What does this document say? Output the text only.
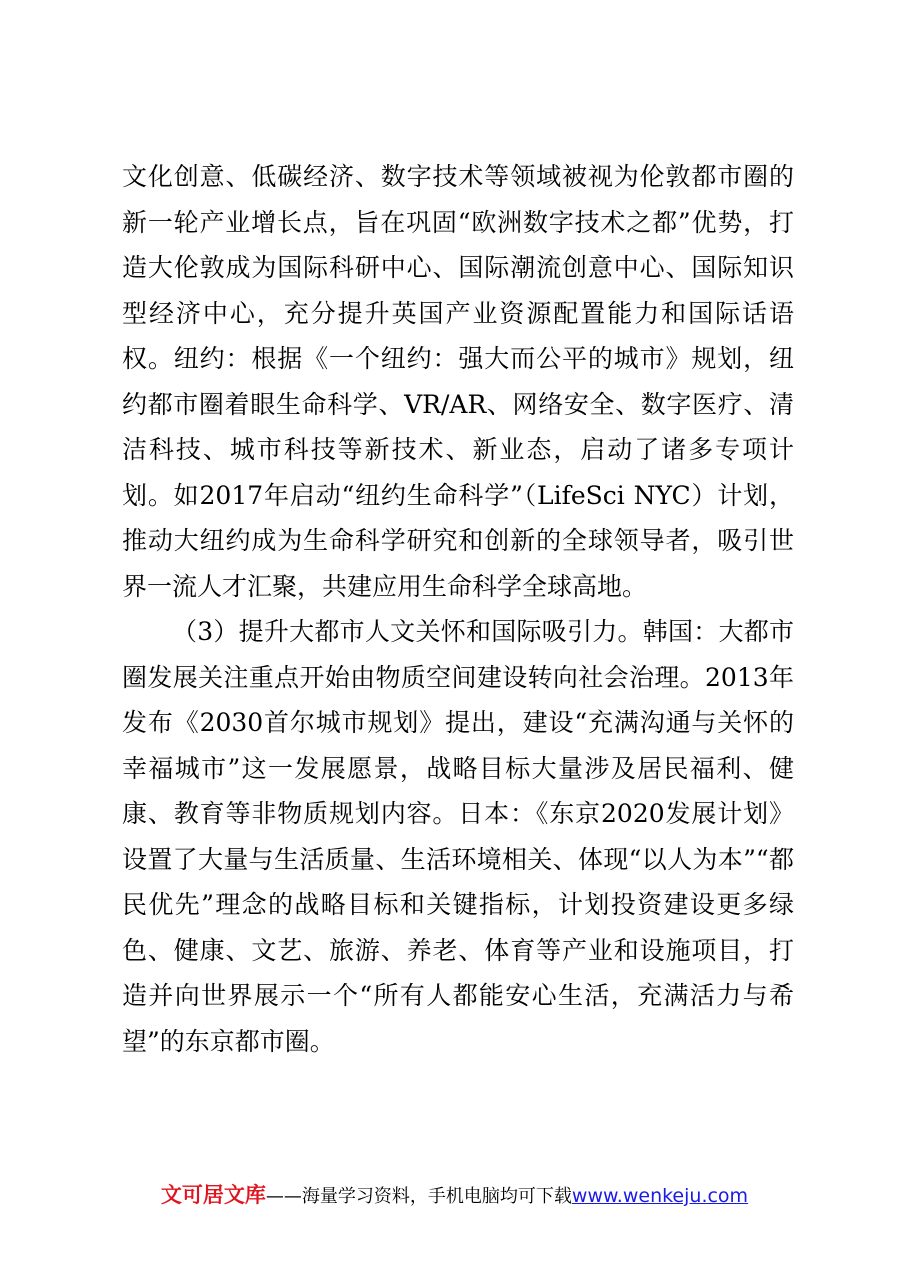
文化创意、低碳经济、数字技术等领域被视为伦敦都市圈的新一轮产业增长点，旨在巩固“欧洲数字技术之都”优势，打造大伦敦成为国际科研中心、国际潮流创意中心、国际知识型经济中心，充分提升英国产业资源配置能力和国际话语权。纽约：根据《一个纽约：强大而公平的城市》规划，纽约都市圈着眼生命科学、VR/AR、网络安全、数字医疗、清洁科技、城市科技等新技术、新业态，启动了诸多专项计划。如2017年启动“纽约生命科学”（LifeSci NYC）计划，推动大纽约成为生命科学研究和创新的全球领导者，吸引世界一流人才汇聚，共建应用生命科学全球高地。

（3）提升大都市人文关怀和国际吸引力。韩国：大都市圈发展关注重点开始由物质空间建设转向社会治理。2013年发布《2030首尔城市规划》提出，建设“充满沟通与关怀的幸福城市”这一发展愿景，战略目标大量涉及居民福利、健康、教育等非物质规划内容。日本：《东京2020发展计划》设置了大量与生活质量、生活环境相关、体现“以人为本”“都民优先”理念的战略目标和关键指标，计划投资建设更多绿色、健康、文艺、旅游、养老、体育等产业和设施项目，打造并向世界展示一个“所有人都能安心生活，充满活力与希望”的东京都市圈。

文可居文库——海量学习资料，手机电脑均可下载www.wenkeju.com
